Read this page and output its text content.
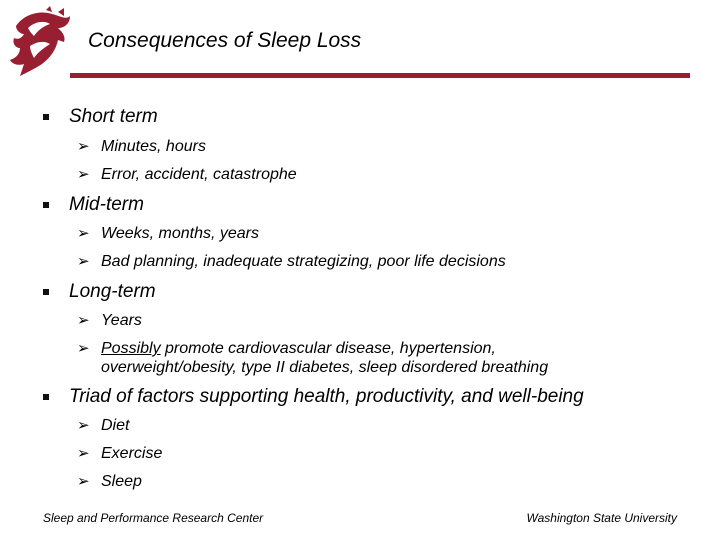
Consequences of Sleep Loss
Short term
➢ Minutes, hours
➢ Error, accident, catastrophe
Mid-term
➢ Weeks, months, years
➢ Bad planning, inadequate strategizing, poor life decisions
Long-term
➢ Years
➢ Possibly promote cardiovascular disease, hypertension,
overweight/obesity, type II diabetes, sleep disordered breathing
Triad of factors supporting health, productivity, and well-being
➢ Diet
➢ Exercise
➢ Sleep
Sleep and Performance Research Center	Washington State University
